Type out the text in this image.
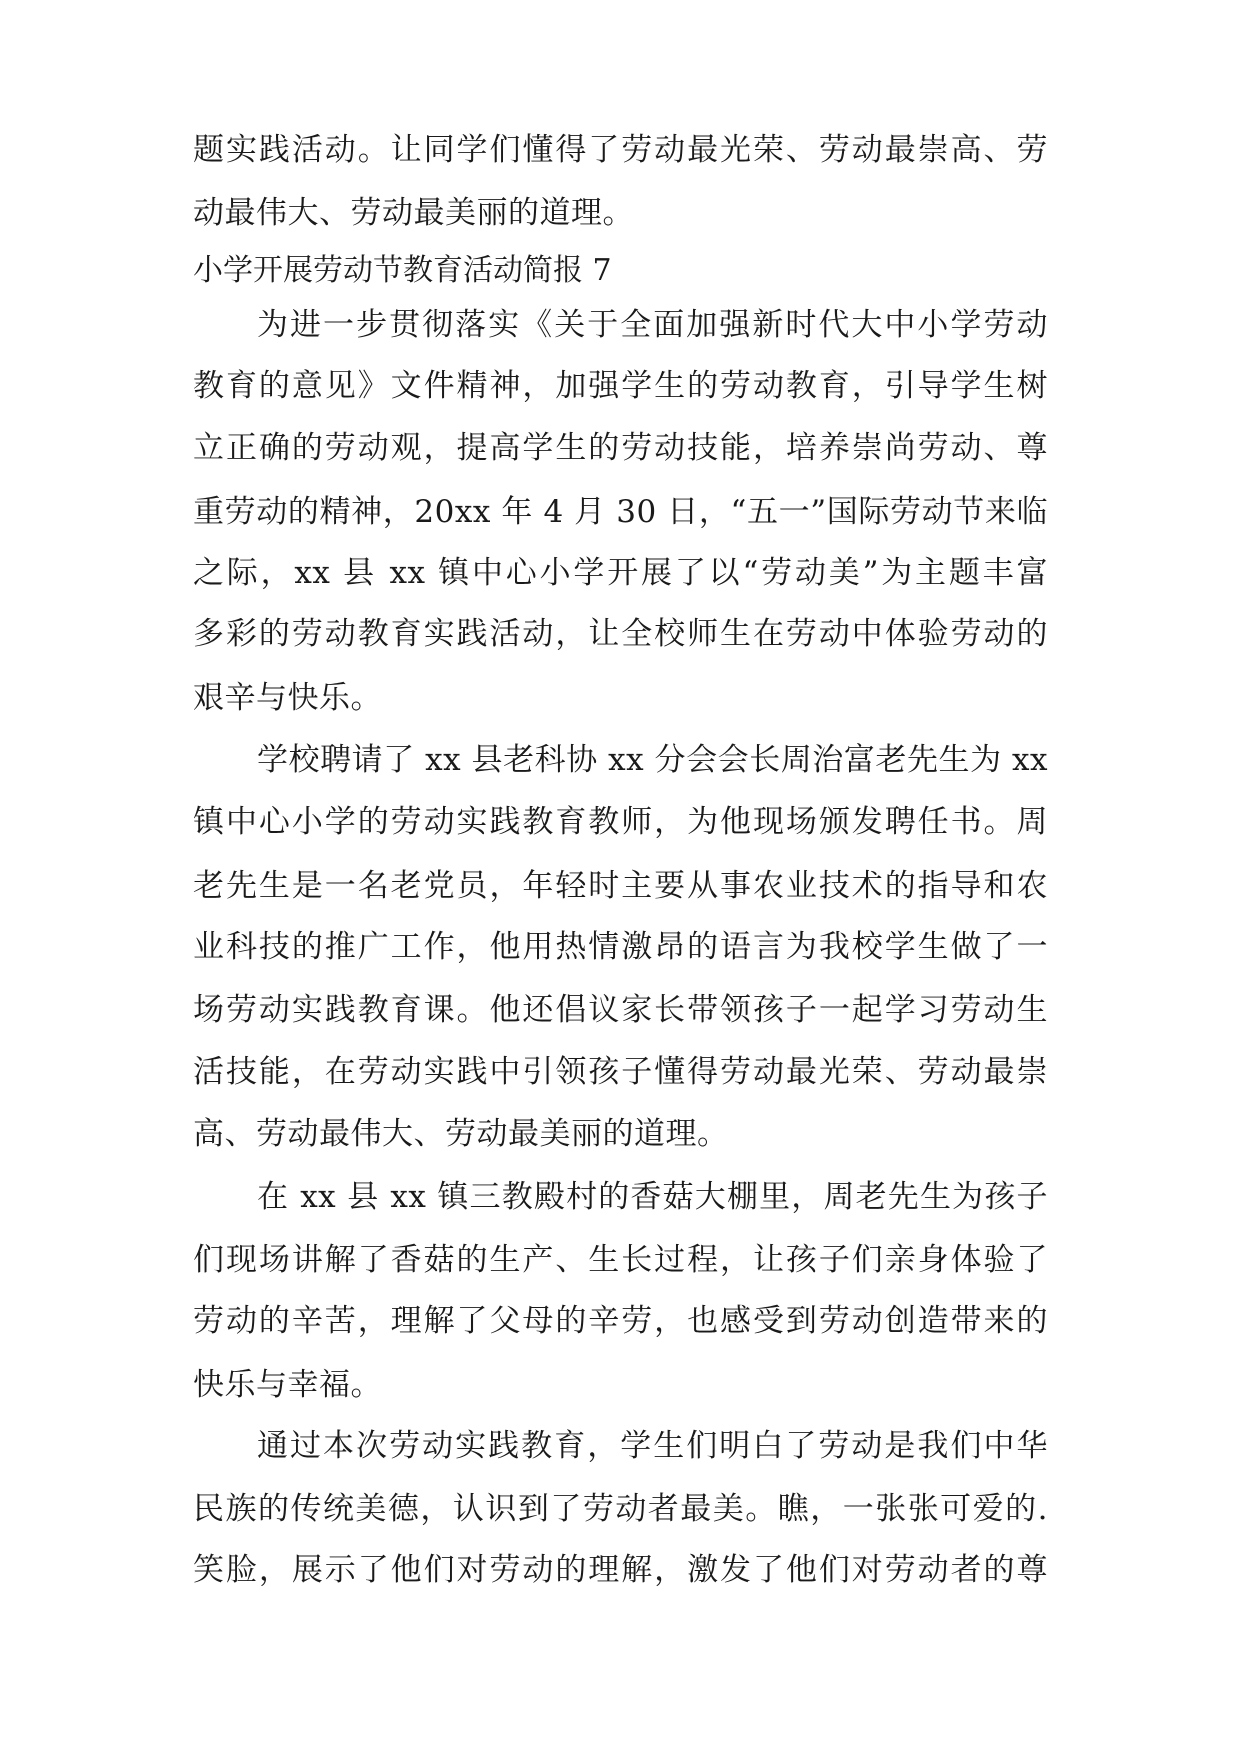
题实践活动。让同学们懂得了劳动最光荣、劳动最崇高、劳
动最伟大、劳动最美丽的道理。
小学开展劳动节教育活动简报 7
为进一步贯彻落实《关于全面加强新时代大中小学劳动
教育的意见》文件精神，加强学生的劳动教育，引导学生树
立正确的劳动观，提高学生的劳动技能，培养崇尚劳动、尊
重劳动的精神，20xx 年 4 月 30 日，“五一”国际劳动节来临
之际，xx 县 xx 镇中心小学开展了以“劳动美”为主题丰富
多彩的劳动教育实践活动，让全校师生在劳动中体验劳动的
艰辛与快乐。
学校聘请了 xx 县老科协 xx 分会会长周治富老先生为 xx
镇中心小学的劳动实践教育教师，为他现场颁发聘任书。周
老先生是一名老党员，年轻时主要从事农业技术的指导和农
业科技的推广工作，他用热情激昂的语言为我校学生做了一
场劳动实践教育课。他还倡议家长带领孩子一起学习劳动生
活技能，在劳动实践中引领孩子懂得劳动最光荣、劳动最崇
高、劳动最伟大、劳动最美丽的道理。
在 xx 县 xx 镇三教殿村的香菇大棚里，周老先生为孩子
们现场讲解了香菇的生产、生长过程，让孩子们亲身体验了
劳动的辛苦，理解了父母的辛劳，也感受到劳动创造带来的
快乐与幸福。
通过本次劳动实践教育，学生们明白了劳动是我们中华
民族的传统美德，认识到了劳动者最美。瞧，一张张可爱的.
笑脸，展示了他们对劳动的理解，激发了他们对劳动者的尊
